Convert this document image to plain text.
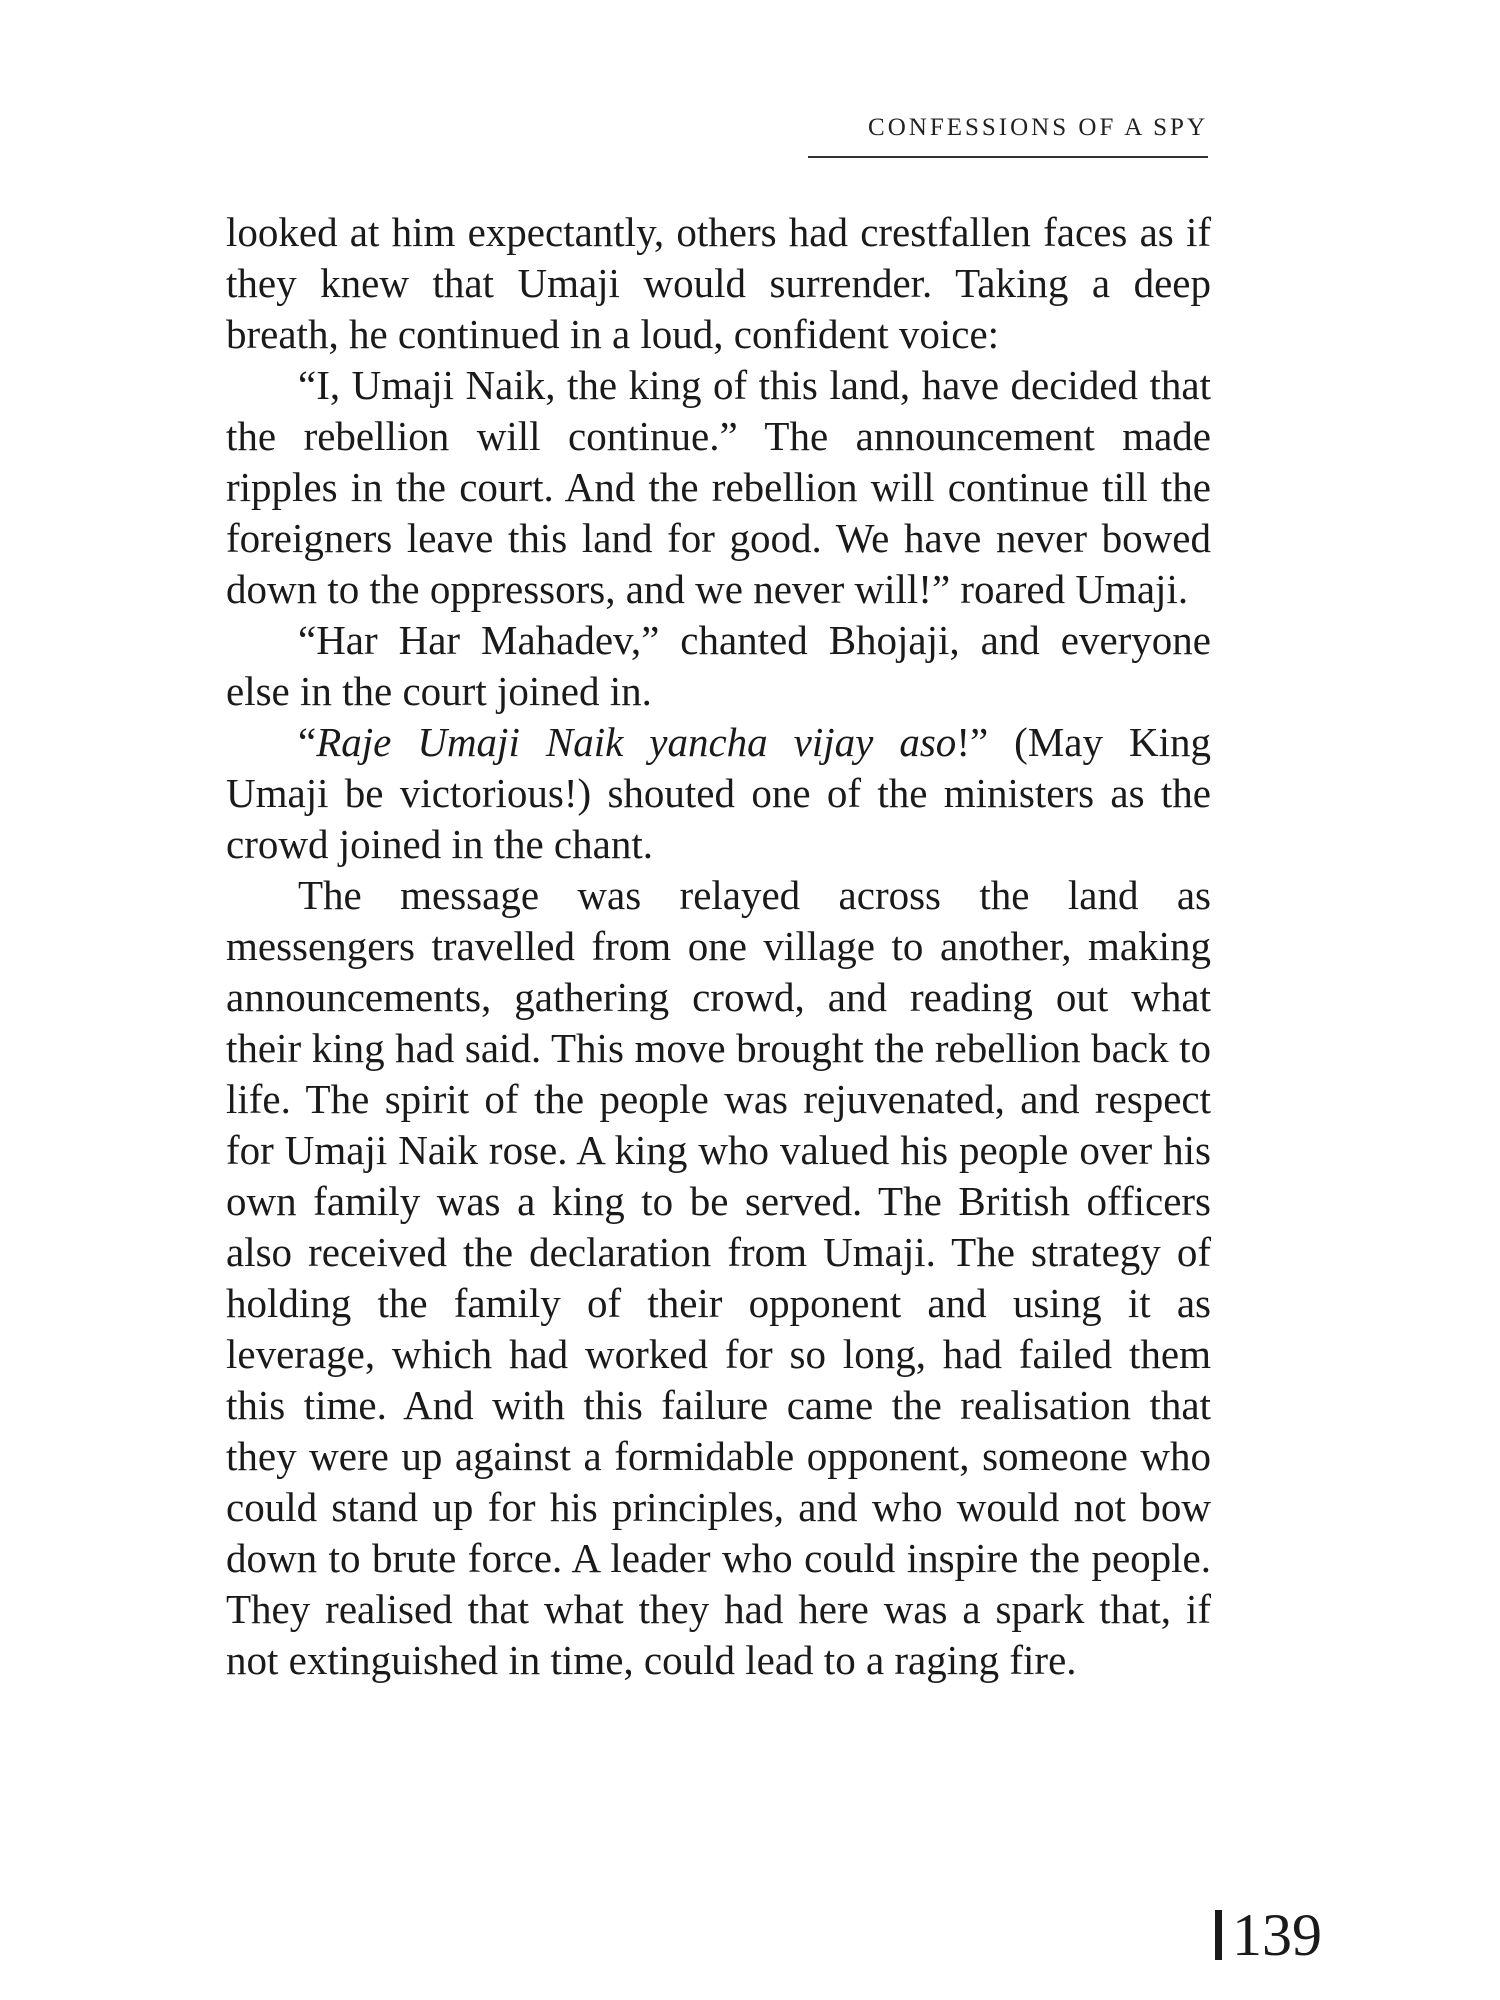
CONFESSIONS OF A SPY

looked at him expectantly, others had crestfallen faces as if they knew that Umaji would surrender. Taking a deep breath, he continued in a loud, confident voice:

“I, Umaji Naik, the king of this land, have decided that the rebellion will continue.” The announcement made ripples in the court. And the rebellion will continue till the foreigners leave this land for good. We have never bowed down to the oppressors, and we never will!” roared Umaji.

“Har Har Mahadev,” chanted Bhojaji, and everyone else in the court joined in.

“Raje Umaji Naik yancha vijay aso!” (May King Umaji be victorious!) shouted one of the ministers as the crowd joined in the chant.

The message was relayed across the land as messengers travelled from one village to another, making announcements, gathering crowd, and reading out what their king had said. This move brought the rebellion back to life. The spirit of the people was rejuvenated, and respect for Umaji Naik rose. A king who valued his people over his own family was a king to be served. The British officers also received the declaration from Umaji. The strategy of holding the family of their opponent and using it as leverage, which had worked for so long, had failed them this time. And with this failure came the realisation that they were up against a formidable opponent, someone who could stand up for his principles, and who would not bow down to brute force. A leader who could inspire the people. They realised that what they had here was a spark that, if not extinguished in time, could lead to a raging fire.

139
